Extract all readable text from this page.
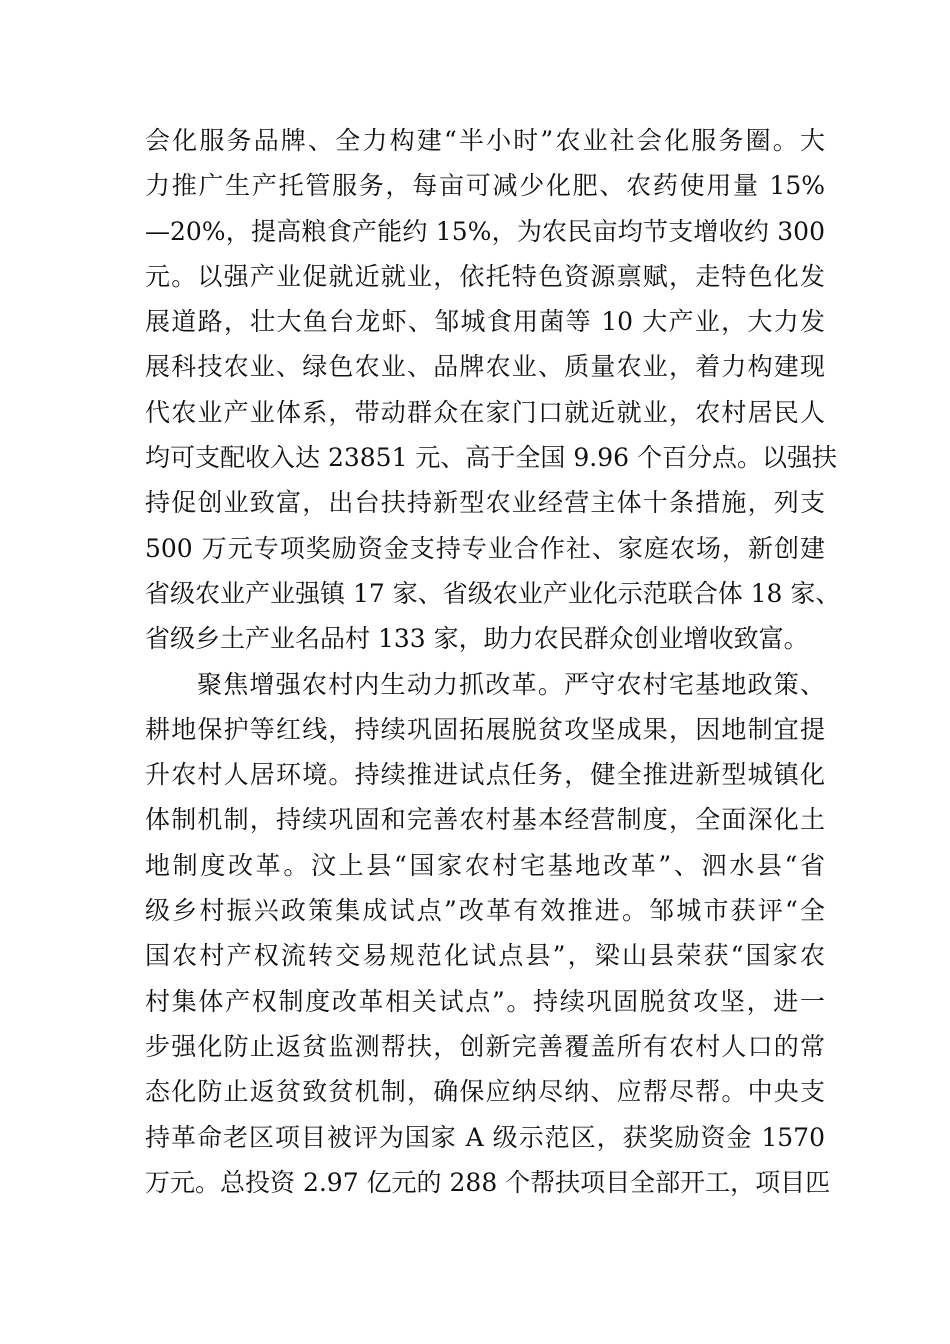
会化服务品牌、全力构建“半小时”农业社会化服务圈。大
力推广生产托管服务，每亩可减少化肥、农药使用量 15%
—20%，提高粮食产能约 15%，为农民亩均节支增收约 300
元。以强产业促就近就业，依托特色资源禀赋，走特色化发
展道路，壮大鱼台龙虾、邹城食用菌等 10 大产业，大力发
展科技农业、绿色农业、品牌农业、质量农业，着力构建现
代农业产业体系，带动群众在家门口就近就业，农村居民人
均可支配收入达 23851 元、高于全国 9.96 个百分点。以强扶
持促创业致富，出台扶持新型农业经营主体十条措施，列支
500 万元专项奖励资金支持专业合作社、家庭农场，新创建
省级农业产业强镇 17 家、省级农业产业化示范联合体 18 家、
省级乡土产业名品村 133 家，助力农民群众创业增收致富。
聚焦增强农村内生动力抓改革。严守农村宅基地政策、
耕地保护等红线，持续巩固拓展脱贫攻坚成果，因地制宜提
升农村人居环境。持续推进试点任务，健全推进新型城镇化
体制机制，持续巩固和完善农村基本经营制度，全面深化土
地制度改革。汶上县“国家农村宅基地改革”、泗水县“省
级乡村振兴政策集成试点”改革有效推进。邹城市获评“全
国农村产权流转交易规范化试点县”，梁山县荣获“国家农
村集体产权制度改革相关试点”。持续巩固脱贫攻坚，进一
步强化防止返贫监测帮扶，创新完善覆盖所有农村人口的常
态化防止返贫致贫机制，确保应纳尽纳、应帮尽帮。中央支
持革命老区项目被评为国家 A 级示范区，获奖励资金 1570
万元。总投资 2.97 亿元的 288 个帮扶项目全部开工，项目匹
